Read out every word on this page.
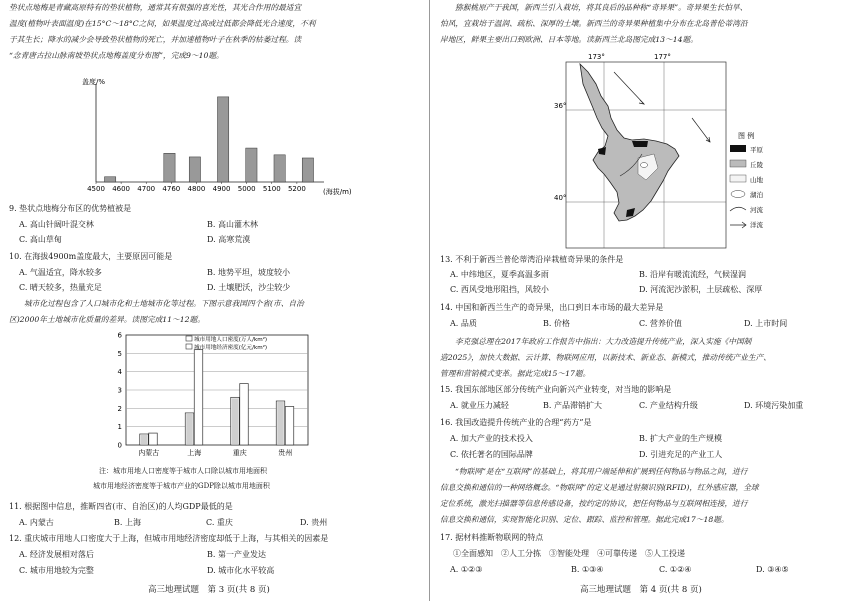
垫状点地梅是青藏高原特有的垫状植物，通常其有很强的喜光性，其光合作用的最适宜
温度(植物叶表面温度)在15°C～18°C之间，如果温度过高或过低都会降低光合速度，不利
于其生长；降水的减少会导致垫状植物的死亡，并加速植物叶子在秋季的枯萎过程。读
“念青唐古拉山脉南坡垫状点地梅盖度分布图”，完成9～10题。
盖度/%
(海拔/m)
4500 4600 4700 4760 4800 4900 5000 5100 5200
9. 垫状点地梅分布区的优势植被是
A. 高山针阔叶混交林	B. 高山灌木林
C. 高山草甸	D. 高寒荒漠
10. 在海拔4900m盖度最大，主要原因可能是
A. 气温适宜，降水较多	B. 地势平坦，坡度较小
C. 晴天较多，热量充足	D. 土壤肥沃，沙尘较少
城市化过程包含了人口城市化和土地城市化等过程。下图示意我国四个省(市、自治
区)2000年土地城市化质量的差异。读图完成11～12题。
0
1
2
3
4
5
6
内蒙古	上海	重庆	贵州
城市用地人口密度(万人/km²)
城市用地经济密度(亿元/km²)
注：城市用地人口密度等于城市人口除以城市用地面积
城市用地经济密度等于城市产业的GDP除以城市用地面积
11. 根据图中信息，推断四省(市、自治区)的人均GDP最低的是
A. 内蒙古	B. 上海	C. 重庆	D. 贵州
12. 重庆城市用地人口密度大于上海，但城市用地经济密度却低于上海，与其相关的因素是
A. 经济发展相对落后	B. 第一产业发达
C. 城市用地较为完整	D. 城市化水平较高
高三地理试题　第 3 页(共 8 页)
猕猴桃原产于我国，新西兰引入栽培，将其良后的品种称“奇异果”。奇异果生长怕旱、
怕风，宜栽培于温润、疏松、深厚的土壤。新西兰的奇异果种植集中分布在北岛普伦蒂湾沿
岸地区，鲜果主要出口到欧洲、日本等地。读新西兰北岛图完成13～14题。
173°	177°
36°
40°
图 例
平原
丘陵
山地
湖泊
河流
洋流
13. 不利于新西兰普伦蒂湾沿岸栽植奇异果的条件是
A. 中纬地区，夏季高温多雨	B. 沿岸有暖流流经，气候湿润
C. 西风受地形阻挡，风较小	D. 河流泥沙淤积，土层疏松、深厚
14. 中国和新西兰生产的奇异果，出口到日本市场的最大差异是
A. 品质	B. 价格	C. 营养价值	D. 上市时间
李克强总理在2017年政府工作报告中指出：大力改造提升传统产业，深入实施《中国制
造2025》，加快大数据、云计算、物联网应用，以新技术、新业态、新模式，推动传统产业生产、
管理和营销模式变革。据此完成15～17题。
15. 我国东部地区部分传统产业向新兴产业转变，对当地的影响是
A. 就业压力减轻	B. 产品滞销扩大	C. 产业结构升级	D. 环境污染加重
16. 我国改造提升传统产业的合理“药方”是
A. 加大产业的技术投入	B. 扩大产业的生产规模
C. 依托著名的国际品牌	D. 引进充足的产业工人
“物联网”是在“互联网”的基础上，将其用户端延伸和扩展到任何物品与物品之间，进行
信息交换和通信的一种网络概念。“物联网”的定义是通过射频识别(RFID)，红外感应器，全球
定位系统，激光扫描器等信息传感设备，按约定的协议，把任何物品与互联网相连接，进行
信息交换和通信，实现智能化识别、定位、跟踪、监控和管理。据此完成17～18题。
17. 据材料推断物联网的特点
①全面感知　②人工分拣　③智能处理　④可靠传递　⑤人工投递
A. ①②③	B. ①③④	C. ①②④	D. ③④⑤
高三地理试题　第 4 页(共 8 页)
